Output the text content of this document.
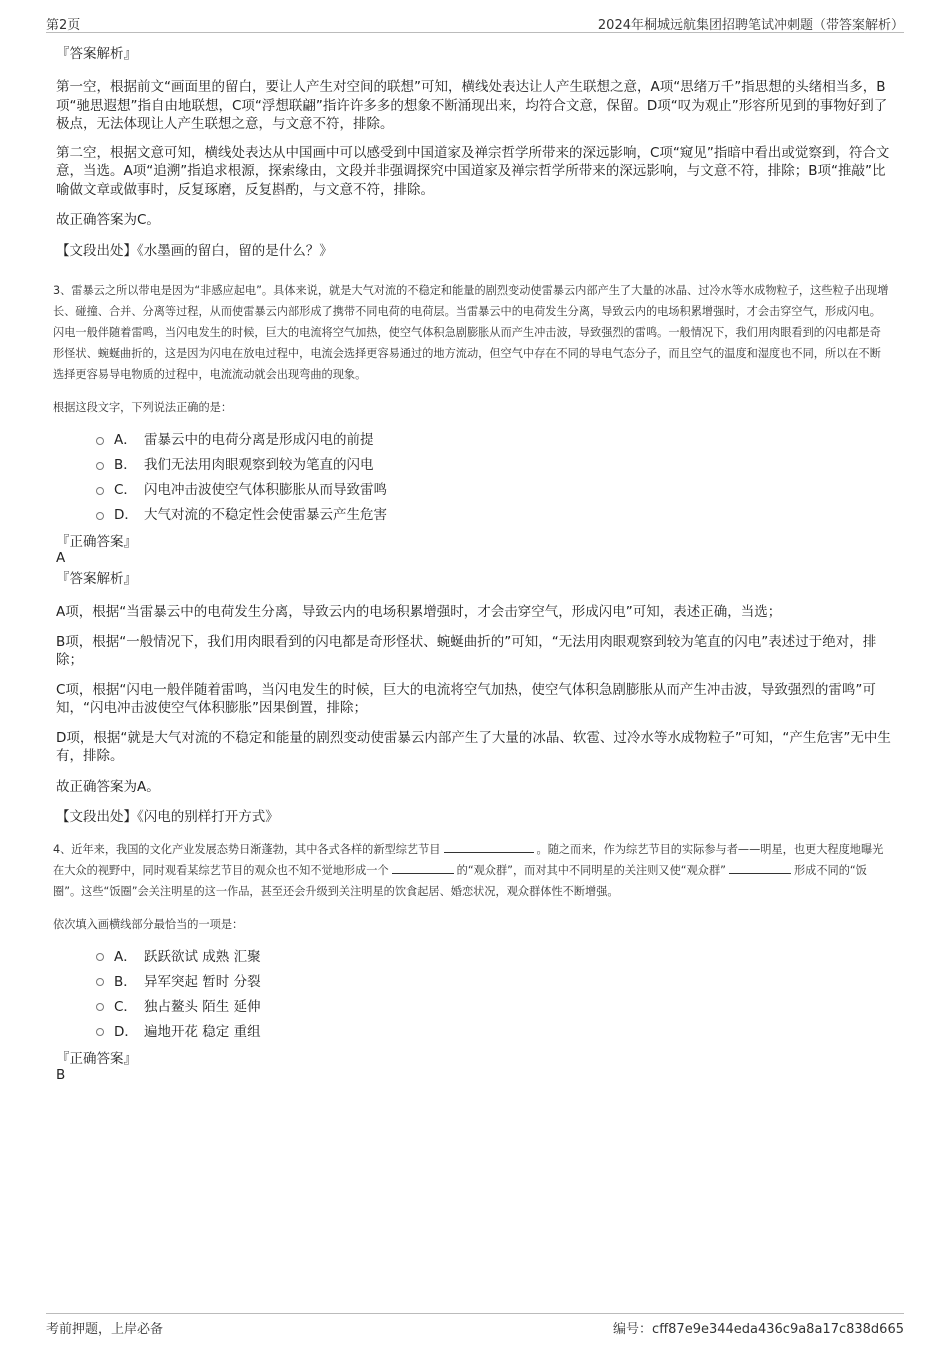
第2页	2024年桐城远航集团招聘笔试冲刺题（带答案解析）
『答案解析』

第一空，根据前文“画面里的留白，要让人产生对空间的联想”可知，横线处表达让人产生联想之意，A项“思绪万千”指思想的头绪相当多，B项“驰思遐想”指自由地联想，C项“浮想联翩”指许许多多的想象不断涌现出来，均符合文意，保留。D项“叹为观止”形容所见到的事物好到了极点，无法体现让人产生联想之意，与文意不符，排除。

第二空，根据文意可知，横线处表达从中国画中可以感受到中国道家及禅宗哲学所带来的深远影响，C项“窥见”指暗中看出或觉察到，符合文意，当选。A项“追溯”指追求根源，探索缘由，文段并非强调探究中国道家及禅宗哲学所带来的深远影响，与文意不符，排除；B项“推敲”比喻做文章或做事时，反复琢磨，反复斟酌，与文意不符，排除。

故正确答案为C。

【文段出处】《水墨画的留白，留的是什么？》

3、雷暴云之所以带电是因为“非感应起电”。具体来说，就是大气对流的不稳定和能量的剧烈变动使雷暴云内部产生了大量的冰晶、过冷水等水成物粒子，这些粒子出现增长、碰撞、合并、分离等过程，从而使雷暴云内部形成了携带不同电荷的电荷层。当雷暴云中的电荷发生分离，导致云内的电场积累增强时，才会击穿空气，形成闪电。闪电一般伴随着雷鸣，当闪电发生的时候，巨大的电流将空气加热，使空气体积急剧膨胀从而产生冲击波，导致强烈的雷鸣。一般情况下，我们用肉眼看到的闪电都是奇形怪状、蜿蜒曲折的，这是因为闪电在放电过程中，电流会选择更容易通过的地方流动，但空气中存在不同的导电气态分子，而且空气的温度和湿度也不同，所以在不断选择更容易导电物质的过程中，电流流动就会出现弯曲的现象。

根据这段文字，下列说法正确的是：

A． 雷暴云中的电荷分离是形成闪电的前提
B． 我们无法用肉眼观察到较为笔直的闪电
C． 闪电冲击波使空气体积膨胀从而导致雷鸣
D． 大气对流的不稳定性会使雷暴云产生危害
『正确答案』
A
『答案解析』

A项，根据“当雷暴云中的电荷发生分离，导致云内的电场积累增强时，才会击穿空气，形成闪电”可知，表述正确，当选；

B项，根据“一般情况下，我们用肉眼看到的闪电都是奇形怪状、蜿蜒曲折的”可知，“无法用肉眼观察到较为笔直的闪电”表述过于绝对，排除；

C项，根据“闪电一般伴随着雷鸣，当闪电发生的时候，巨大的电流将空气加热，使空气体积急剧膨胀从而产生冲击波，导致强烈的雷鸣”可知，“闪电冲击波使空气体积膨胀”因果倒置，排除；

D项，根据“就是大气对流的不稳定和能量的剧烈变动使雷暴云内部产生了大量的冰晶、软雹、过冷水等水成物粒子”可知，“产生危害”无中生有，排除。

故正确答案为A。

【文段出处】《闪电的别样打开方式》

4、近年来，我国的文化产业发展态势日渐蓬勃，其中各式各样的新型综艺节目	。随之而来，作为综艺节目的实际参与者——明星，也更大程度地曝光在大众的视野中，同时观看某综艺节目的观众也不知不觉地形成一个	的“观众群”，而对其中不同明星的关注则又使“观众群”	形成不同的“饭圈”。这些“饭圈”会关注明星的这一作品，甚至还会升级到关注明星的饮食起居、婚恋状况，观众群体性不断增强。

依次填入画横线部分最恰当的一项是：

A． 跃跃欲试 成熟 汇聚
B． 异军突起 暂时 分裂
C． 独占鳌头 陌生 延伸
D． 遍地开花 稳定 重组
『正确答案』
B
考前押题，上岸必备	编号：cff87e9e344eda436c9a8a17c838d665
